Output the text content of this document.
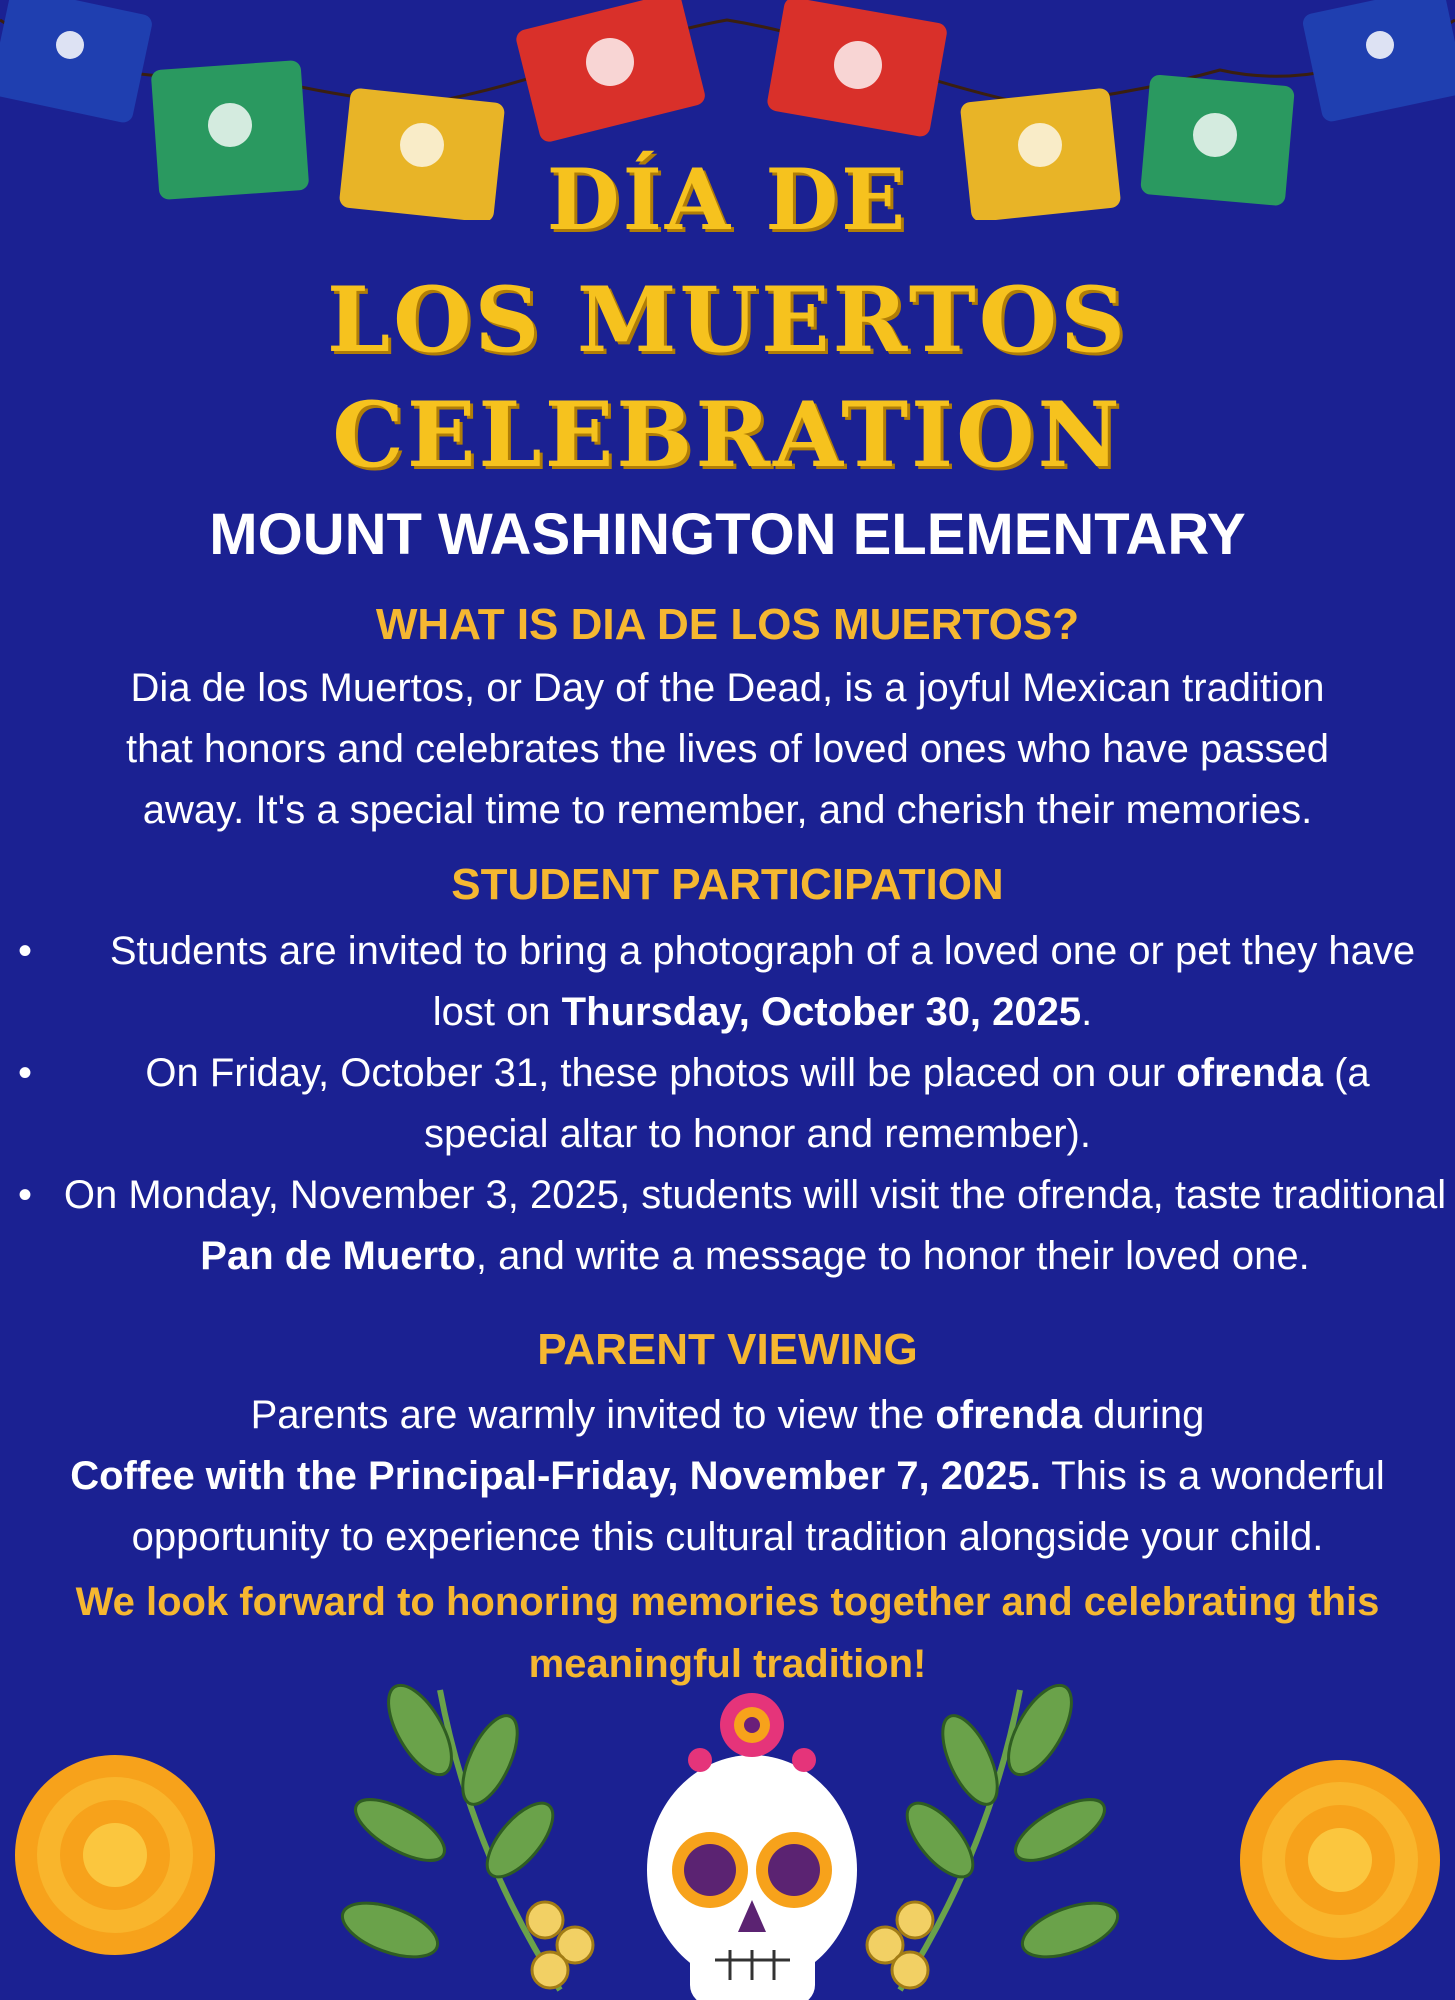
DÍA DE
LOS MUERTOS
CELEBRATION
MOUNT WASHINGTON ELEMENTARY
WHAT IS DIA DE LOS MUERTOS?
Dia de los Muertos, or Day of the Dead, is a joyful Mexican tradition
that honors and celebrates the lives of loved ones who have passed
away. It's a special time to remember, and cherish their memories.
STUDENT PARTICIPATION
•	Students are invited to bring a photograph of a loved one or pet they have lost on Thursday, October 30, 2025.
•	On Friday, October 31, these photos will be placed on our ofrenda (a special altar to honor and remember).
• On Monday, November 3, 2025, students will visit the ofrenda, taste traditional Pan de Muerto, and write a message to honor their loved one.
PARENT VIEWING
Parents are warmly invited to view the ofrenda during
Coffee with the Principal-Friday, November 7, 2025. This is a wonderful
opportunity to experience this cultural tradition alongside your child.
We look forward to honoring memories together and celebrating this
meaningful tradition!
